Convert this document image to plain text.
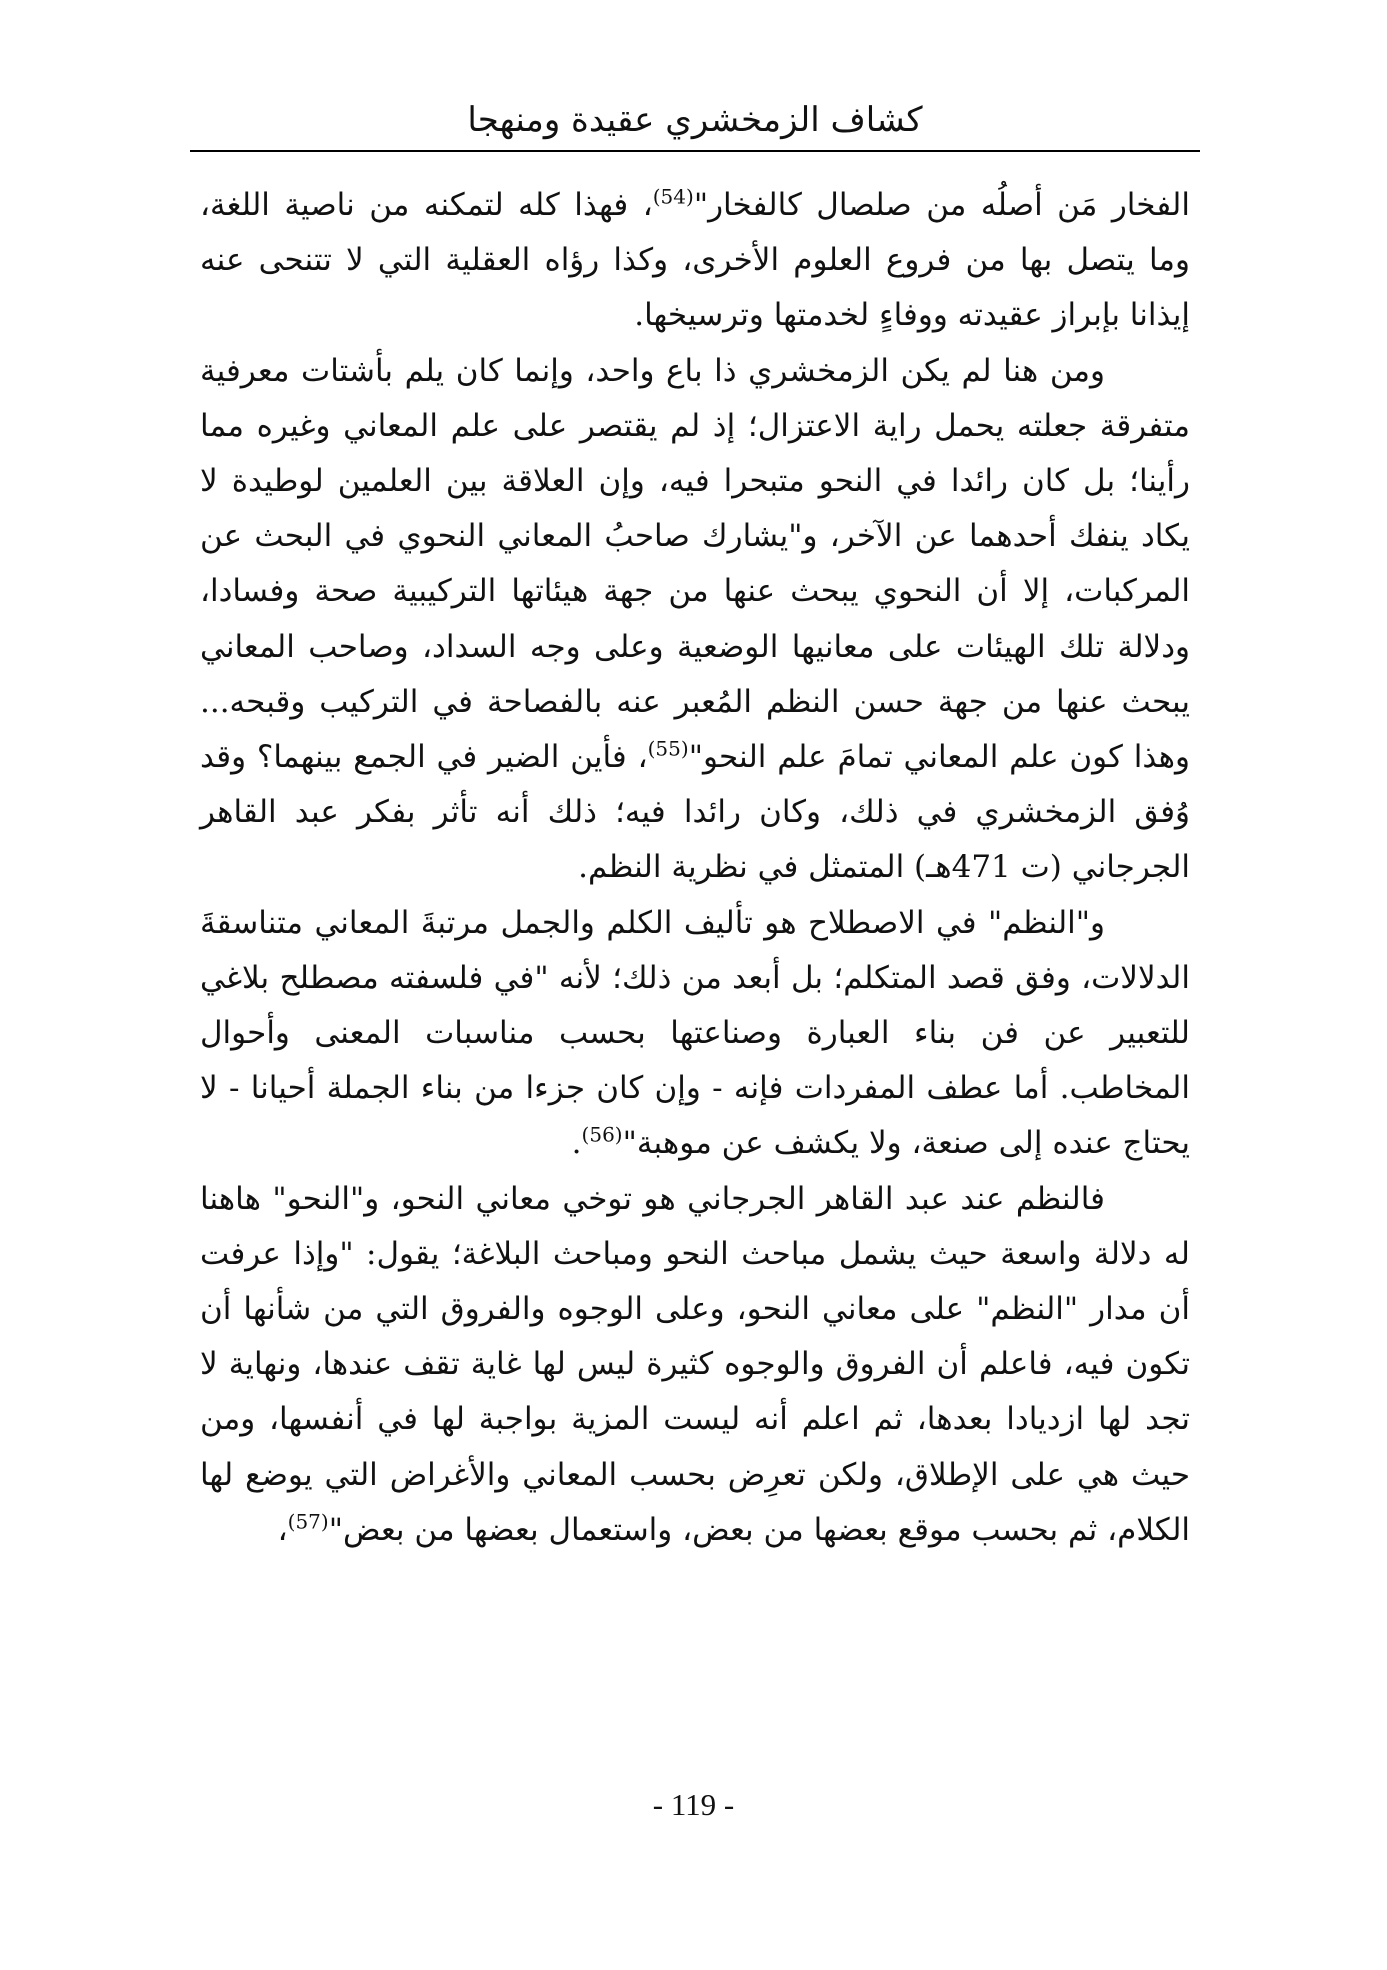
كشاف الزمخشري عقيدة ومنهجا

الفخار مَن أصلُه من صلصال كالفخار"$^{(54)}$، فهذا كله لتمكنه من ناصية اللغة، وما يتصل بها من فروع العلوم الأخرى، وكذا رؤاه العقلية التي لا تتنحى عنه إيذانا بإبراز عقيدته ووفاءٍ لخدمتها وترسيخها.

ومن هنا لم يكن الزمخشري ذا باع واحد، وإنما كان يلم بأشتات معرفية متفرقة جعلته يحمل راية الاعتزال؛ إذ لم يقتصر على علم المعاني وغيره مما رأينا؛ بل كان رائدا في النحو متبحرا فيه، وإن العلاقة بين العلمين لوطيدة لا يكاد ينفك أحدهما عن الآخر، و"يشارك صاحبُ المعاني النحوي في البحث عن المركبات، إلا أن النحوي يبحث عنها من جهة هيئاتها التركيبية صحة وفسادا، ودلالة تلك الهيئات على معانيها الوضعية وعلى وجه السداد، وصاحب المعاني يبحث عنها من جهة حسن النظم المُعبر عنه بالفصاحة في التركيب وقبحه... وهذا كون علم المعاني تمامَ علم النحو"$^{(55)}$، فأين الضير في الجمع بينهما؟ وقد وُفق الزمخشري في ذلك، وكان رائدا فيه؛ ذلك أنه تأثر بفكر عبد القاهر الجرجاني (ت 471هـ) المتمثل في نظرية النظم.

و"النظم" في الاصطلاح هو تأليف الكلم والجمل مرتبةَ المعاني متناسقةَ الدلالات، وفق قصد المتكلم؛ بل أبعد من ذلك؛ لأنه "في فلسفته مصطلح بلاغي للتعبير عن فن بناء العبارة وصناعتها بحسب مناسبات المعنى وأحوال المخاطب. أما عطف المفردات فإنه - وإن كان جزءا من بناء الجملة أحيانا - لا يحتاج عنده إلى صنعة، ولا يكشف عن موهبة"$^{(56)}$.

فالنظم عند عبد القاهر الجرجاني هو توخي معاني النحو، و"النحو" هاهنا له دلالة واسعة حيث يشمل مباحث النحو ومباحث البلاغة؛ يقول: "وإذا عرفت أن مدار "النظم" على معاني النحو، وعلى الوجوه والفروق التي من شأنها أن تكون فيه، فاعلم أن الفروق والوجوه كثيرة ليس لها غاية تقف عندها، ونهاية لا تجد لها ازديادا بعدها، ثم اعلم أنه ليست المزية بواجبة لها في أنفسها، ومن حيث هي على الإطلاق، ولكن تعرِض بحسب المعاني والأغراض التي يوضع لها الكلام، ثم بحسب موقع بعضها من بعض، واستعمال بعضها من بعض"$^{(57)}$،

- 119 -
